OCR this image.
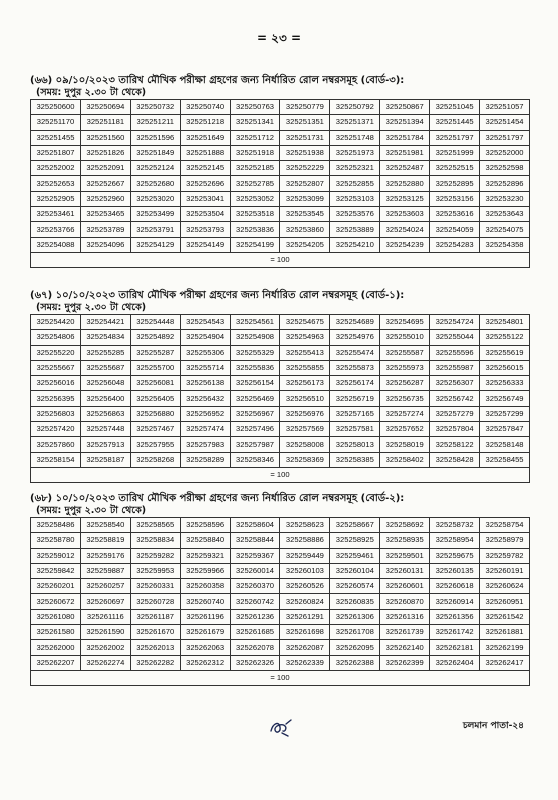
= ২৩ =
(৬৬) ০৯/১০/২০২৩ তারিখ মৌখিক পরীক্ষা গ্রহণের জন্য নির্ধারিত রোল নম্বরসমূহ (বোর্ড-৩):
(সময়: দুপুর ২.৩০ টা থেকে)
325250600	325250694	325250732	325250740	325250763	325250779	325250792	325250867	325251045	325251057
325251170	325251181	325251211	325251218	325251341	325251351	325251371	325251394	325251445	325251454
325251455	325251560	325251596	325251649	325251712	325251731	325251748	325251784	325251797	325251797
325251807	325251826	325251849	325251888	325251918	325251938	325251973	325251981	325251999	325252000
325252002	325252091	325252124	325252145	325252185	325252229	325252321	325252487	325252515	325252598
325252653	325252667	325252680	325252696	325252785	325252807	325252855	325252880	325252895	325252896
325252905	325252960	325253020	325253041	325253052	325253099	325253103	325253125	325253156	325253230
325253461	325253465	325253499	325253504	325253518	325253545	325253576	325253603	325253616	325253643
325253766	325253789	325253791	325253793	325253836	325253860	325253889	325254024	325254059	325254075
325254088	325254096	325254129	325254149	325254199	325254205	325254210	325254239	325254283	325254358
= 100									
(৬৭) ১০/১০/২০২৩ তারিখ মৌখিক পরীক্ষা গ্রহণের জন্য নির্ধারিত রোল নম্বরসমূহ (বোর্ড-১):
(সময়: দুপুর ২.৩০ টা থেকে)
325254420	325254421	325254448	325254543	325254561	325254675	325254689	325254695	325254724	325254801
325254806	325254834	325254892	325254904	325254908	325254963	325254976	325255010	325255044	325255122
325255220	325255285	325255287	325255306	325255329	325255413	325255474	325255587	325255596	325255619
325255667	325255687	325255700	325255714	325255836	325255855	325255873	325255973	325255987	325256015
325256016	325256048	325256081	325256138	325256154	325256173	325256174	325256287	325256307	325256333
325256395	325256400	325256405	325256432	325256469	325256510	325256719	325256735	325256742	325256749
325256803	325256863	325256880	325256952	325256967	325256976	325257165	325257274	325257279	325257299
325257420	325257448	325257467	325257474	325257496	325257569	325257581	325257652	325257804	325257847
325257860	325257913	325257955	325257983	325257987	325258008	325258013	325258019	325258122	325258148
325258154	325258187	325258268	325258289	325258346	325258369	325258385	325258402	325258428	325258455
= 100									
(৬৮) ১০/১০/২০২৩ তারিখ মৌখিক পরীক্ষা গ্রহণের জন্য নির্ধারিত রোল নম্বরসমূহ (বোর্ড-২):
(সময়: দুপুর ২.৩০ টা থেকে)
325258486	325258540	325258565	325258596	325258604	325258623	325258667	325258692	325258732	325258754
325258780	325258819	325258834	325258840	325258844	325258886	325258925	325258935	325258954	325258979
325259012	325259176	325259282	325259321	325259367	325259449	325259461	325259501	325259675	325259782
325259842	325259887	325259953	325259966	325260014	325260103	325260104	325260131	325260135	325260191
325260201	325260257	325260331	325260358	325260370	325260526	325260574	325260601	325260618	325260624
325260672	325260697	325260728	325260740	325260742	325260824	325260835	325260870	325260914	325260951
325261080	325261116	325261187	325261196	325261236	325261291	325261306	325261316	325261356	325261542
325261580	325261590	325261670	325261679	325261685	325261698	325261708	325261739	325261742	325261881
325262000	325262002	325262013	325262063	325262078	325262087	325262095	325262140	325262181	325262199
325262207	325262274	325262282	325262312	325262326	325262339	325262388	325262399	325262404	325262417
= 100									
চলমান পাতা-২৪
